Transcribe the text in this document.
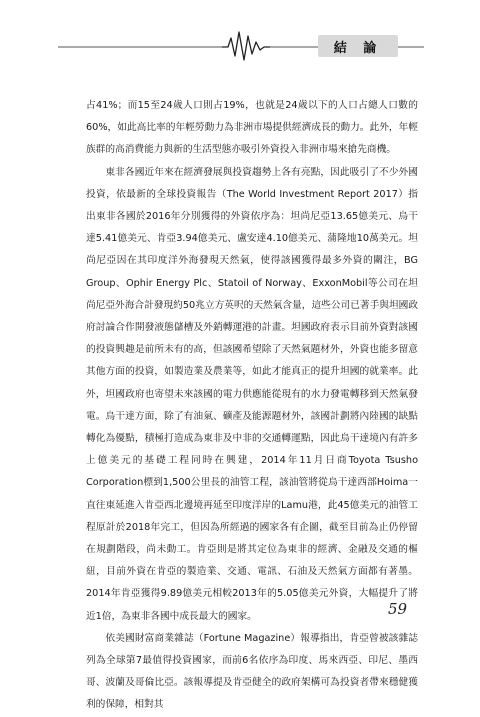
結 論

占41%；而15至24歲人口則占19%，也就是24歲以下的人口占總人口數的60%，如此高比率的年輕勞動力為非洲市場提供經濟成長的動力。此外，年輕族群的高消費能力與新的生活型態亦吸引外資投入非洲市場來搶先商機。

東非各國近年來在經濟發展與投資趨勢上各有亮點，因此吸引了不少外國投資，依最新的全球投資報告（The World Investment Report 2017）指出東非各國於2016年分別獲得的外資依序為：坦尚尼亞13.65億美元、烏干達5.41億美元、肯亞3.94億美元、盧安達4.10億美元、蒲隆地10萬美元。坦尚尼亞因在其印度洋外海發現天然氣，使得該國獲得最多外資的關注，BG Group、Ophir Energy Plc、Statoil of Norway、ExxonMobil等公司在坦尚尼亞外海合計發現約50兆立方英呎的天然氣含量，這些公司已著手與坦國政府討論合作開發液態儲槽及外銷轉運港的計畫。坦國政府表示目前外資對該國的投資興趣是前所未有的高，但該國希望除了天然氣題材外，外資也能多留意其他方面的投資，如製造業及農業等，如此才能真正的提升坦國的就業率。此外，坦國政府也寄望未來該國的電力供應能從現有的水力發電轉移到天然氣發電。烏干達方面，除了有油氣、礦產及能源題材外，該國計劃將內陸國的缺點轉化為優點，積極打造成為東非及中非的交通轉運點，因此烏干達境內有許多上億美元的基礎工程同時在興建，2014年11月日商Toyota Tsusho Corporation標到1,500公里長的油管工程，該油管將從烏干達西部Hoima一直往東延進入肯亞西北邊境再延至印度洋岸的Lamu港，此45億美元的油管工程原計於2018年完工，但因為所經過的國家各有企圖，截至目前為止仍停留在規劃階段，尚未動工。肯亞則是將其定位為東非的經濟、金融及交通的樞紐，目前外資在肯亞的製造業、交通、電訊、石油及天然氣方面都有著墨。2014年肯亞獲得9.89億美元相較2013年的5.05億美元外資，大幅提升了將近1倍，為東非各國中成長最大的國家。

依美國財富商業雜誌（Fortune Magazine）報導指出，肯亞曾被該雜誌列為全球第7最值得投資國家，而前6名依序為印度、馬來西亞、印尼、墨西哥、波蘭及哥倫比亞。該報導提及肯亞健全的政府架構可為投資者帶來穩健獲利的保障，相對其

59
